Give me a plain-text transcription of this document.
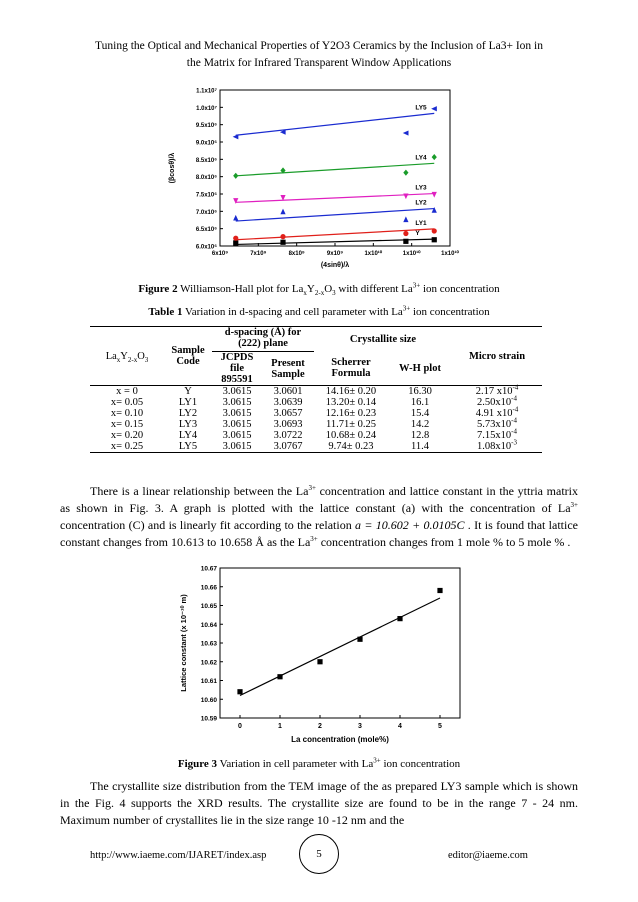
Tuning the Optical and Mechanical Properties of Y2O3 Ceramics by the Inclusion of La3+ Ion in
the Matrix for Infrared Transparent Window Applications
6.0x10⁶
6.5x10⁶
7.0x10⁶
7.5x10⁶
8.0x10⁶
8.5x10⁶
9.0x10⁶
9.5x10⁶
1.0x10⁷
1.1x10⁷
6x10⁹	7x10⁹	8x10⁹	9x10⁹	1x10¹⁰	1x10¹⁰	1x10¹⁰
(4sinθ)/λ
(βcosθ)/λ
Y
LY1
LY2
LY3
LY4
LY5
Figure 2 Williamson-Hall plot for $La_xY_{2-x}O_3$ with different $La^{3+}$ ion concentration
Table 1 Variation in d-spacing and cell parameter with $La^{3+}$ ion concentration
$La_xY_{2-x}O_3$	Sample Code	d-spacing (Å) for (222) plane		Crystallite size		Micro strain
		JCPDS file 895591	Present Sample	Scherrer Formula	W-H plot	

x = 0	Y	3.0615	3.0601	14.16± 0.20	16.30	2.17 $x10^{-4}$
x= 0.05	LY1	3.0615	3.0639	13.20± 0.14	16.1	$2.50x10^{-4}$
x= 0.10	LY2	3.0615	3.0657	12.16± 0.23	15.4	4.91 $x10^{-4}$
x= 0.15	LY3	3.0615	3.0693	11.71± 0.25	14.2	$5.73x10^{-4}$
x= 0.20	LY4	3.0615	3.0722	10.68± 0.24	12.8	$7.15x10^{-4}$
x= 0.25	LY5	3.0615	3.0767	9.74± 0.23	11.4	$1.08x10^{-3}$
There is a linear relationship between the $La^{3+}$ concentration and lattice constant in the yttria matrix as shown in Fig. 3. A graph is plotted with the lattice constant (a) with the concentration of $La^{3+}$ concentration (C) and is linearly fit according to the relation a = 10.602 + 0.0105C . It is found that lattice constant changes from 10.613 to 10.658 Å as the $La^{3+}$ concentration changes from 1 mole % to 5 mole % .
10.59
10.60
10.61
10.62
10.63
10.64
10.65
10.66
10.67
0	1	2	3	4	5
La concentration (mole%)
Lattice constant (x 10⁻¹⁰ m)
Figure 3 Variation in cell parameter with $La^{3+}$ ion concentration
The crystallite size distribution from the TEM image of the as prepared LY3 sample which is shown in the Fig. 4 supports the XRD results. The crystallite size are found to be in the range 7 - 24 nm. Maximum number of crystallites lie in the size range 10 -12 nm and the
5
http://www.iaeme.com/IJARET/index.asp	editor@iaeme.com
